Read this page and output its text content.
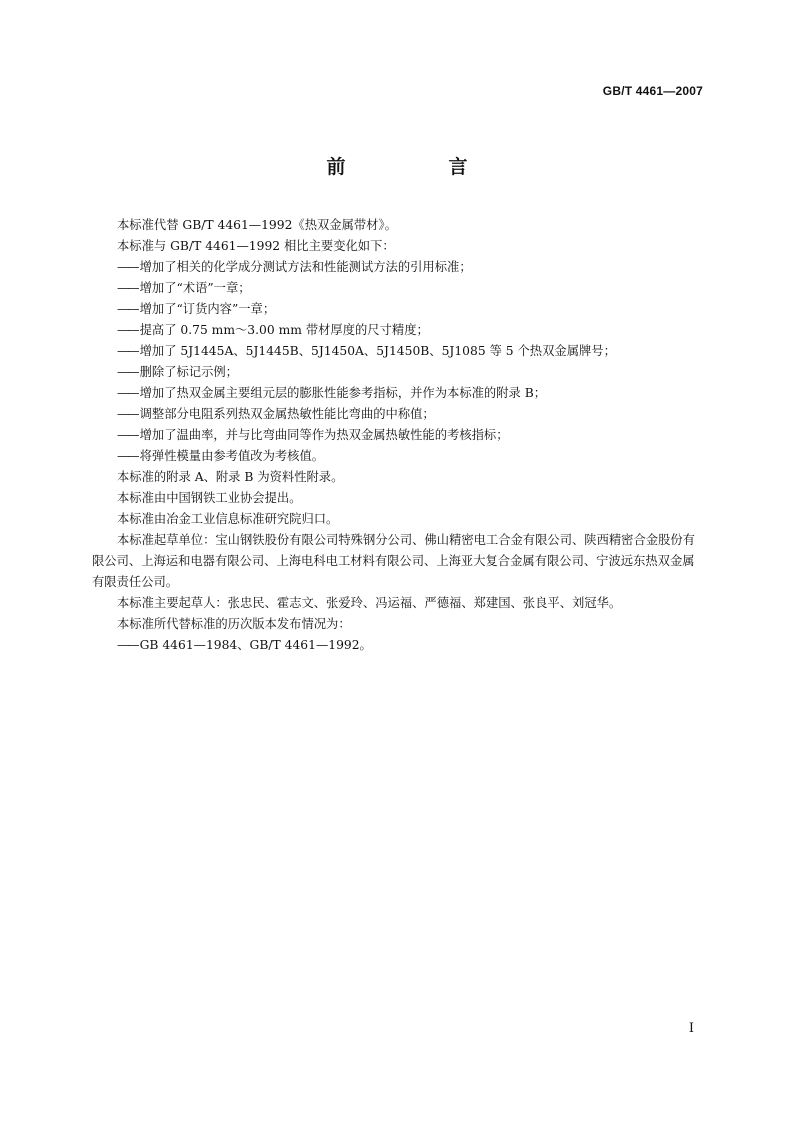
GB/T 4461—2007
前　言

本标准代替 GB/T 4461—1992《热双金属带材》。

本标准与 GB/T 4461—1992 相比主要变化如下：

—— 增加了相关的化学成分测试方法和性能测试方法的引用标准；

—— 增加了“术语”一章；

—— 增加了“订货内容”一章；

—— 提高了 0.75 mm～3.00 mm 带材厚度的尺寸精度；

—— 增加了 5J1445A、5J1445B、5J1450A、5J1450B、5J1085 等 5 个热双金属牌号；

—— 删除了标记示例；

—— 增加了热双金属主要组元层的膨胀性能参考指标，并作为本标准的附录 B；

—— 调整部分电阻系列热双金属热敏性能比弯曲的中称值；

—— 增加了温曲率，并与比弯曲同等作为热双金属热敏性能的考核指标；

—— 将弹性模量由参考值改为考核值。

本标准的附录 A、附录 B 为资料性附录。

本标准由中国钢铁工业协会提出。

本标准由冶金工业信息标准研究院归口。

本标准起草单位：宝山钢铁股份有限公司特殊钢分公司、佛山精密电工合金有限公司、陕西精密合金股份有限公司、上海运和电器有限公司、上海电科电工材料有限公司、上海亚大复合金属有限公司、宁波远东热双金属有限责任公司。

本标准主要起草人：张忠民、霍志文、张爱玲、冯运福、严德福、郑建国、张良平、刘冠华。

本标准所代替标准的历次版本发布情况为：

—— GB 4461—1984、GB/T 4461—1992。

I
